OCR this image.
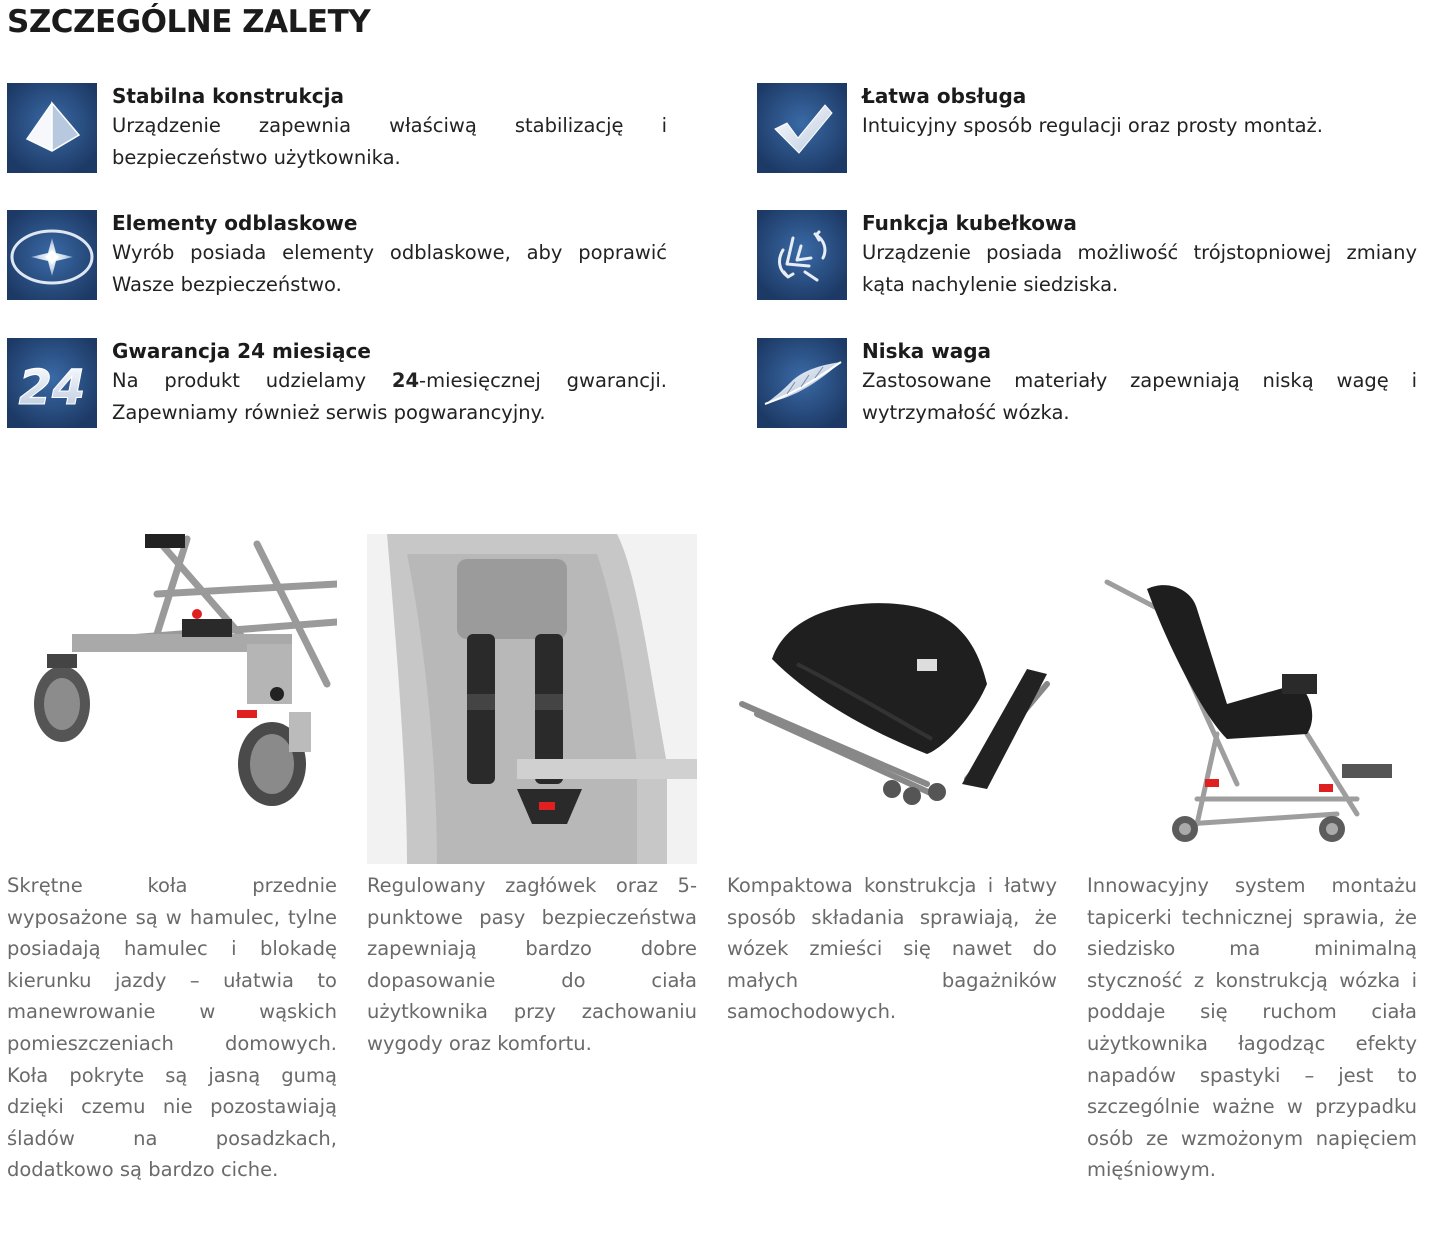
SZCZEGÓLNE ZALETY
Stabilna konstrukcja

Urządzenie zapewnia właściwą stabilizację i bezpieczeństwo użytkownika.

Łatwa obsługa

Intuicyjny sposób regulacji oraz prosty montaż.

Elementy odblaskowe

Wyrób posiada elementy odblaskowe, aby poprawić Wasze bezpieczeństwo.

Funkcja kubełkowa

Urządzenie posiada możliwość trójstopniowej zmiany kąta nachylenie siedziska.

24
Gwarancja 24 miesiące

Na produkt udzielamy 24-miesięcznej gwarancji. Zapewniamy również serwis pogwarancyjny.

Niska waga

Zastosowane materiały zapewniają niską wagę i wytrzymałość wózka.

Skrętne koła przednie wyposażone są w hamulec, tylne posiadają hamulec i blokadę kierunku jazdy – ułatwia to manewrowanie w wąskich pomieszczeniach domowych. Koła pokryte są jasną gumą dzięki czemu nie pozostawiają śladów na posadzkach, dodatkowo są bardzo ciche.

Regulowany zagłówek oraz 5-punktowe pasy bezpieczeństwa zapewniają bardzo dobre dopasowanie do ciała użytkownika przy zachowaniu wygody oraz komfortu.

Kompaktowa konstrukcja i łatwy sposób składania sprawiają, że wózek zmieści się nawet do małych bagażników samochodowych.

Innowacyjny system montażu tapicerki technicznej sprawia, że siedzisko ma minimalną styczność z konstrukcją wózka i poddaje się ruchom ciała użytkownika łagodząc efekty napadów spastyki – jest to szczególnie ważne w przypadku osób ze wzmożonym napięciem mięśniowym.
